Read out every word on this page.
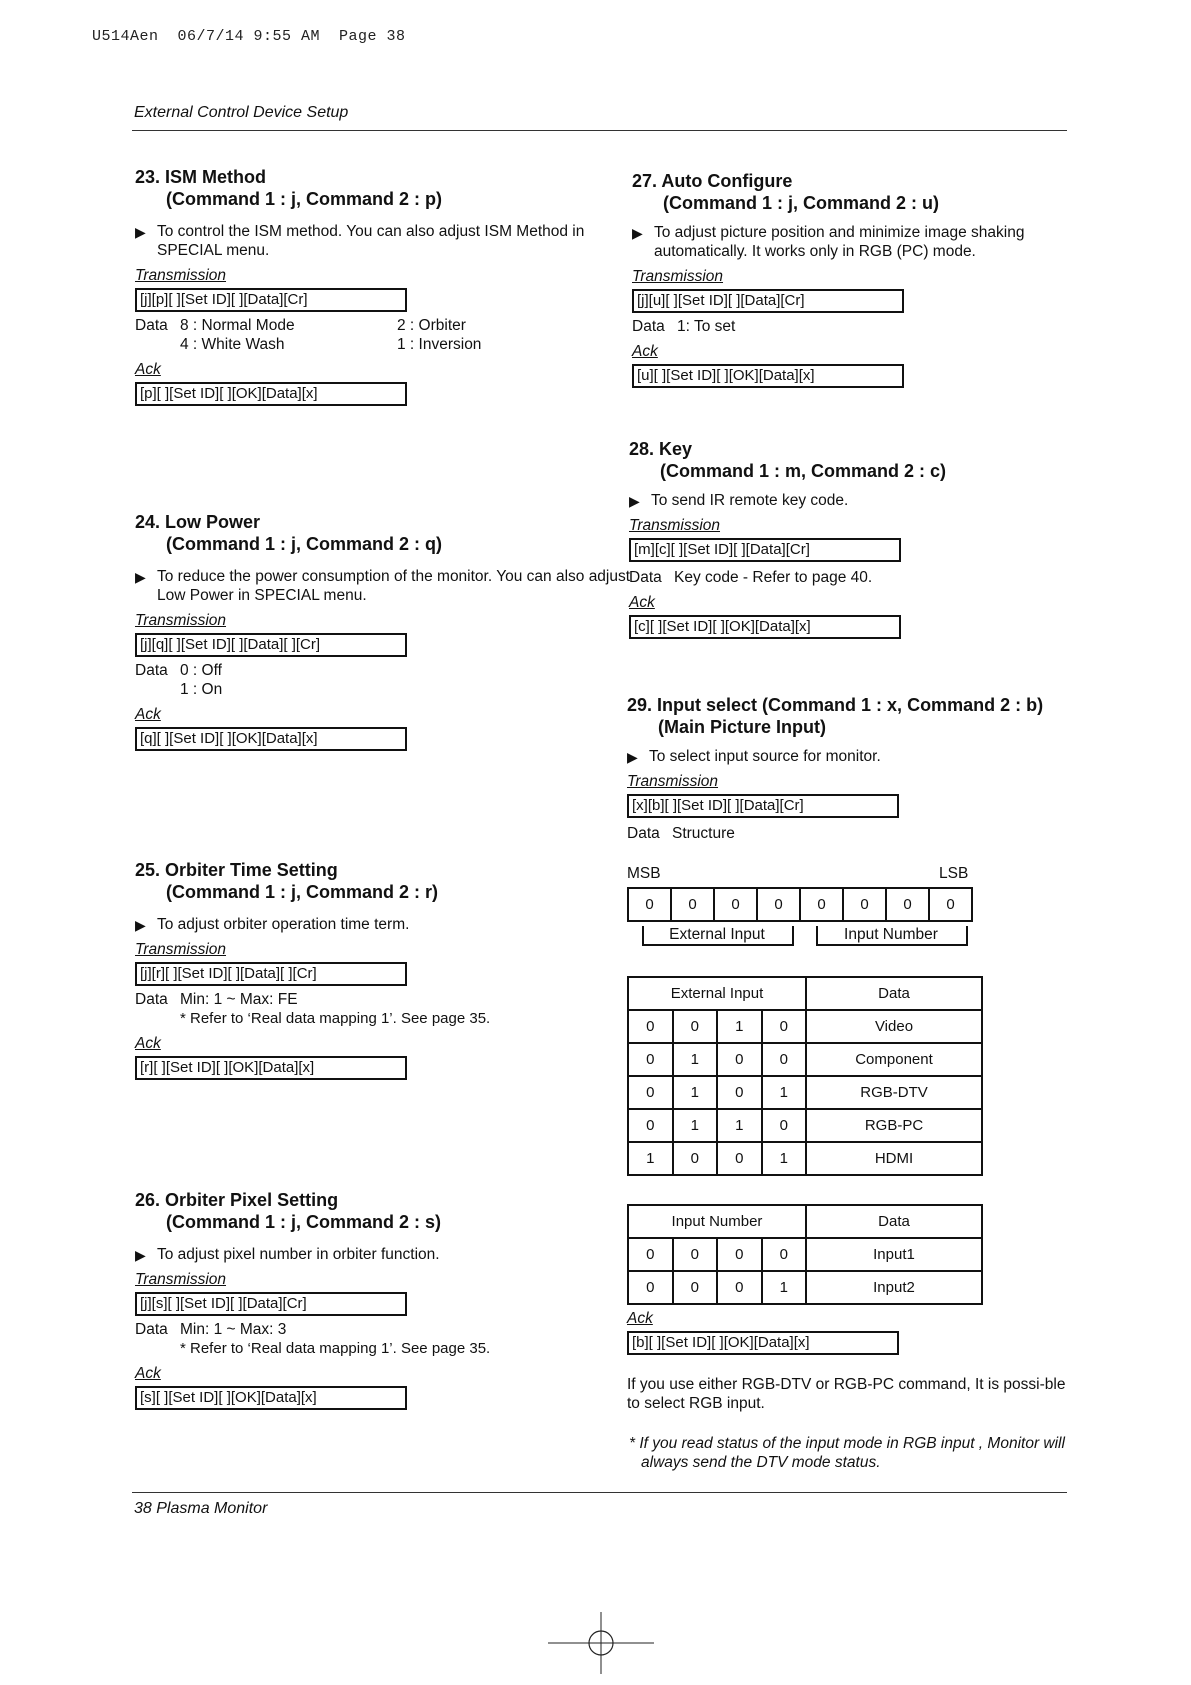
U514Aen  06/7/14 9:55 AM  Page 38
External Control Device Setup
23. ISM Method
(Command 1 : j, Command 2 : p)
▶ To control the ISM method. You can also adjust ISM Method in SPECIAL menu.
Transmission
[j][p][ ][Set ID][ ][Data][Cr]
Data 8 : Normal Mode	2 : Orbiter
4 : White Wash	1 : Inversion
Ack
[p][ ][Set ID][ ][OK][Data][x]
24. Low Power
(Command 1 : j, Command 2 : q)
▶ To reduce the power consumption of the monitor. You can also adjust Low Power in SPECIAL menu.
Transmission
[j][q][ ][Set ID][ ][Data][ ][Cr]
Data 0 : Off
1 : On
Ack
[q][ ][Set ID][ ][OK][Data][x]
25. Orbiter Time Setting
(Command 1 : j, Command 2 : r)
▶ To adjust orbiter operation time term.
Transmission
[j][r][ ][Set ID][ ][Data][ ][Cr]
Data Min: 1 ~ Max: FE
* Refer to ‘Real data mapping 1’. See page 35.
Ack
[r][ ][Set ID][ ][OK][Data][x]
26. Orbiter Pixel Setting
(Command 1 : j, Command 2 : s)
▶ To adjust pixel number in orbiter function.
Transmission
[j][s][ ][Set ID][ ][Data][Cr]
Data Min: 1 ~ Max: 3
* Refer to ‘Real data mapping 1’. See page 35.
Ack
[s][ ][Set ID][ ][OK][Data][x]
27. Auto Configure
(Command 1 : j, Command 2 : u)
▶ To adjust picture position and minimize image shaking automatically. It works only in RGB (PC) mode.
Transmission
[j][u][ ][Set ID][ ][Data][Cr]
Data 1: To set
Ack
[u][ ][Set ID][ ][OK][Data][x]
28. Key
(Command 1 : m, Command 2 : c)
▶ To send IR remote key code.
Transmission
[m][c][ ][Set ID][ ][Data][Cr]
Data Key code - Refer to page 40.
Ack
[c][ ][Set ID][ ][OK][Data][x]
29. Input select (Command 1 : x, Command 2 : b)
(Main Picture Input)
▶ To select input source for monitor.
Transmission
[x][b][ ][Set ID][ ][Data][Cr]
Data Structure
MSB	LSB
0	0	0	0	0	0	0	0
External Input	Input Number
External Input				Data
0	0	1	0	Video
0	1	0	0	Component
0	1	0	1	RGB-DTV
0	1	1	0	RGB-PC
1	0	0	1	HDMI
Input Number				Data
0	0	0	0	Input1
0	0	0	1	Input2
Ack
[b][ ][Set ID][ ][OK][Data][x]
If you use either RGB-DTV or RGB-PC command, It is possi-ble to select RGB input.
* If you read status of the input mode in RGB input , Monitor will always send the DTV mode status.
38 Plasma Monitor
